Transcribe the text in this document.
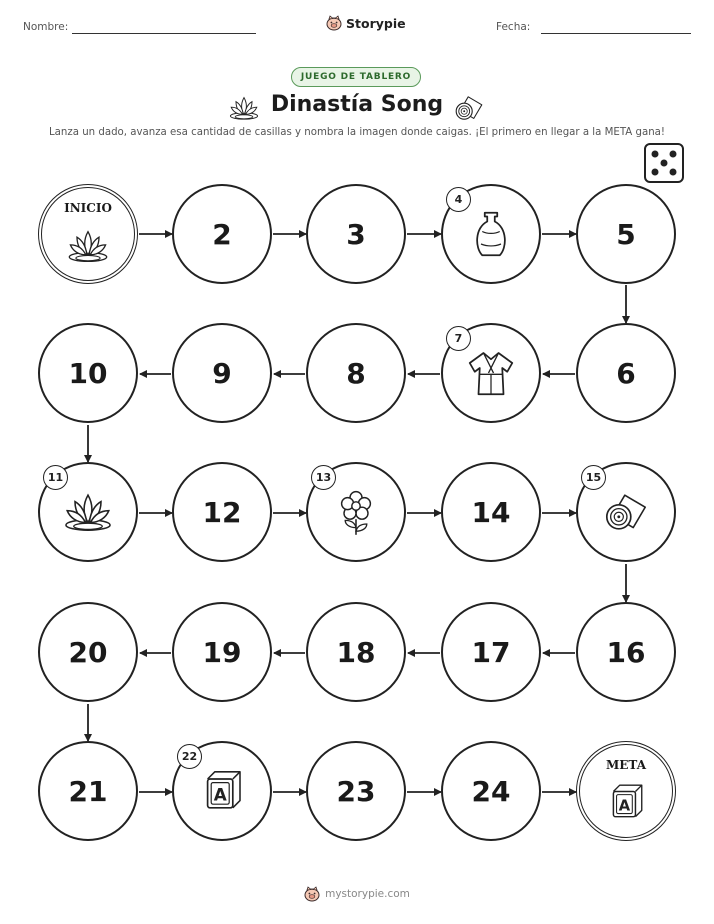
Nombre:	Storypie	Fecha:
JUEGO DE TABLERO
Dinastía Song
Lanza un dado, avanza esa cantidad de casillas y nombra la imagen donde caigas. ¡El primero en llegar a la META gana!
INICIO
2	3
4
5
10	9	8
7
6
11
12
13
14
15
20	19	18	17	16
21
22
A	23	24
META
A
mystorypie.com
